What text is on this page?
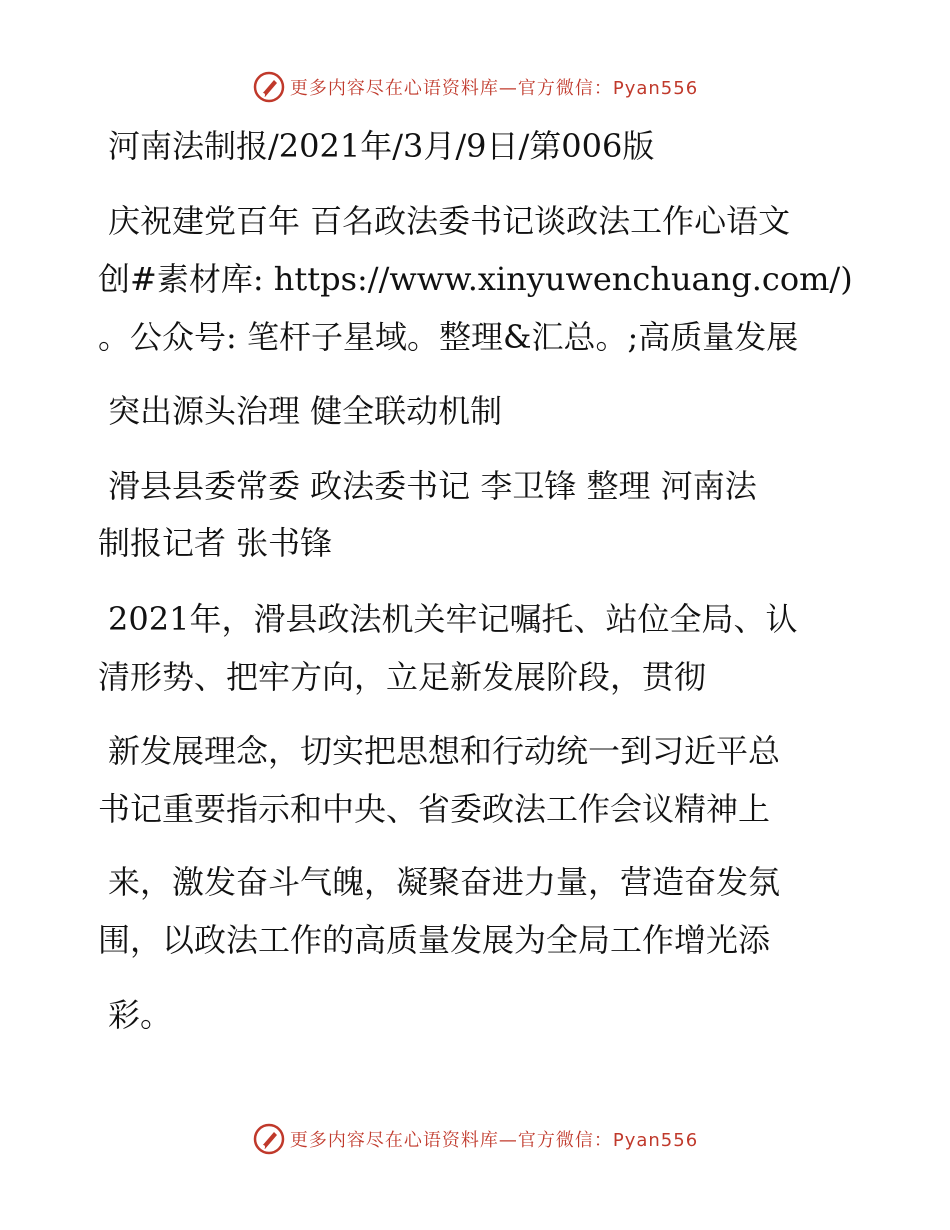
更多内容尽在心语资料库—官方微信：Pyan556
河南法制报/2021年/3月/9日/第006版
庆祝建党百年 百名政法委书记谈政法工作心语文
创#素材库: https://www.xinyuwenchuang.com/)
。公众号: 笔杆子星域。整理&汇总。;高质量发展
突出源头治理 健全联动机制
滑县县委常委 政法委书记 李卫锋 整理 河南法
制报记者 张书锋
2021年，滑县政法机关牢记嘱托、站位全局、认
清形势、把牢方向，立足新发展阶段，贯彻
新发展理念，切实把思想和行动统一到习近平总
书记重要指示和中央、省委政法工作会议精神上
来，激发奋斗气魄，凝聚奋进力量，营造奋发氛
围，以政法工作的高质量发展为全局工作增光添
彩。
更多内容尽在心语资料库—官方微信：Pyan556
